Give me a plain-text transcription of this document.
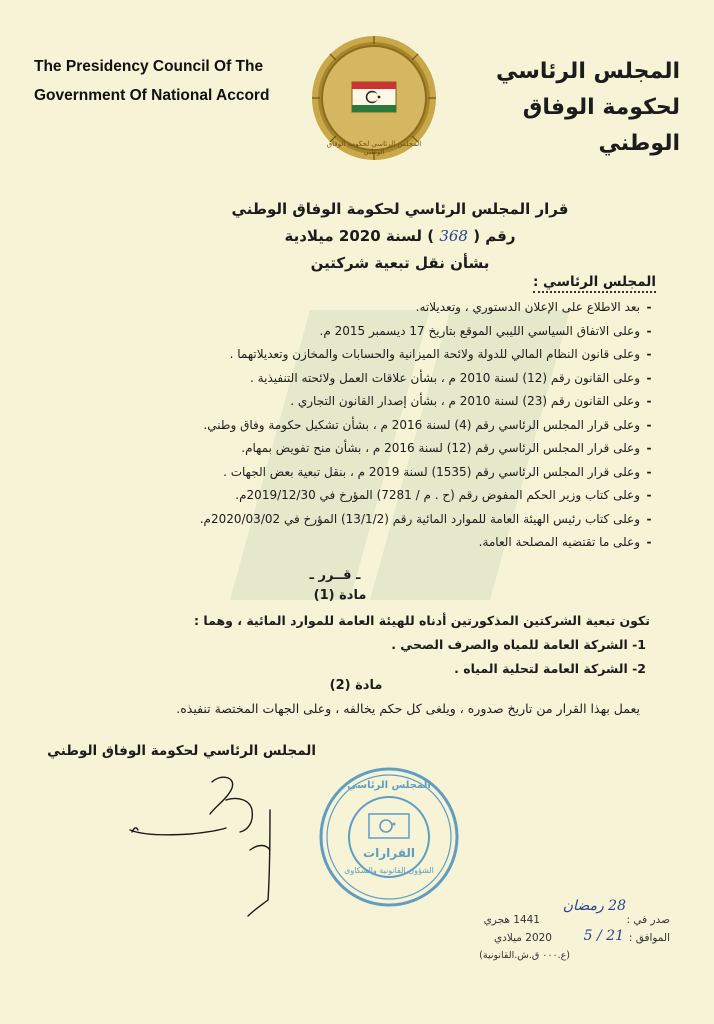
The Presidency Council Of The
Government Of National Accord
المجلس الرئاسي لحكومة الوفاق الوطني
المجلس الرئاسي
لحكومة الوفاق الوطني
قرار المجلس الرئاسي لحكومة الوفاق الوطني
رقم ( 368 ) لسنة 2020 ميلادية
بشأن نقل تبعية شركتين
المجلس الرئاسي :
-بعد الاطلاع على الإعلان الدستوري ، وتعديلاته.
-وعلى الاتفاق السياسي الليبي الموقع بتاريخ 17 ديسمبر 2015 م.
-وعلى قانون النظام المالي للدولة ولائحة الميزانية والحسابات والمخازن وتعديلاتهما .
-وعلى القانون رقم (12) لسنة 2010 م ، بشأن علاقات العمل ولائحته التنفيذية .
-وعلى القانون رقم (23) لسنة 2010 م ، بشأن إصدار القانون التجاري .
-وعلى قرار المجلس الرئاسي رقم (4) لسنة 2016 م ، بشأن تشكيل حكومة وفاق وطني.
-وعلى قرار المجلس الرئاسي رقم (12) لسنة 2016 م ، بشأن منح تفويض بمهام.
-وعلى قرار المجلس الرئاسي رقم (1535) لسنة 2019 م ، بنقل تبعية بعض الجهات .
-وعلى كتاب وزير الحكم المفوض رقم (ح . م / 7281) المؤرخ في 2019/12/30م.
-وعلى كتاب رئيس الهيئة العامة للموارد المائية رقم (13/1/2) المؤرخ في 2020/03/02م.
-وعلى ما تقتضيه المصلحة العامة.
ـ قــرر ـ
مادة (1)
تكون تبعية الشركتين المذكورتين أدناه للهيئة العامة للموارد المائية ، وهما :
1- الشركة العامة للمياه والصرف الصحي .
2- الشركة العامة لتحلية المياه .
مادة (2)
يعمل بهذا القرار من تاريخ صدوره ، ويلغى كل حكم يخالفه ، وعلى الجهات المختصة تنفيذه.
المجلس الرئاسي لحكومة الوفاق الوطني
المجلس الرئاسي
القرارات
الشؤون القانونية والشكاوى
صدر في :
28 رمضان
1441 هجري
الموافق :
21 / 5
2020 ميلادي
(ع.٠٠٠ ق.ش.القانونية)
